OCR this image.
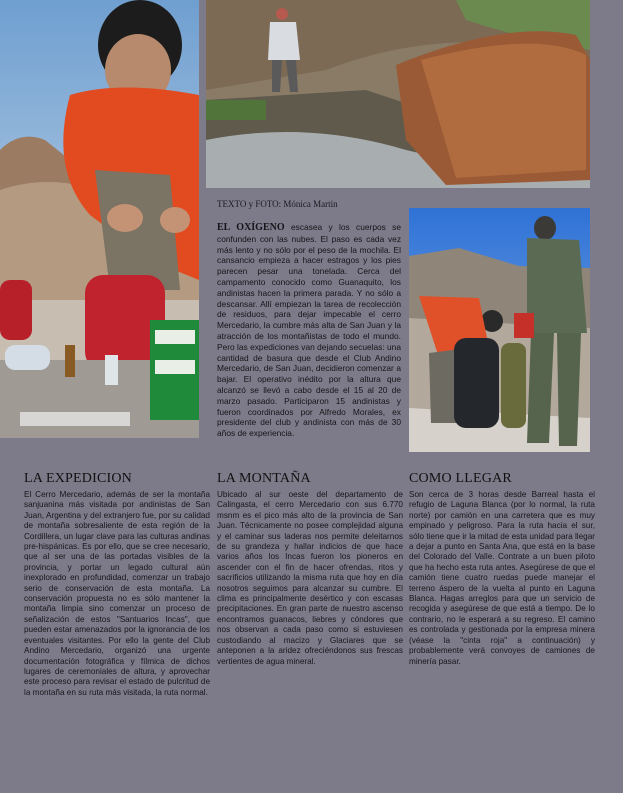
TEXTO y FOTO: Mónica Martin

EL OXÍGENO escasea y los cuerpos se confunden con las nubes. El paso es cada vez más lento y no sólo por el peso de la mochila. El cansancio empieza a hacer estragos y los pies parecen pesar una tonelada. Cerca del campamento conocido como Guanaquito, los andinistas hacen la primera parada. Y no sólo a descansar. Allí empiezan la tarea de recolección de residuos, para dejar impecable el cerro Mercedario, la cumbre más alta de San Juan y la atracción de los montañistas de todo el mundo. Pero las expediciones van dejando secuelas: una cantidad de basura que desde el Club Andino Mercedario, de San Juan, decidieron comenzar a bajar. El operativo inédito por la altura que alcanzó se llevó a cabo desde el 15 al 20 de marzo pasado. Participaron 15 andinistas y fueron coordinados por Alfredo Morales, ex presidente del club y andinista con más de 30 años de experiencia.

LA EXPEDICION

El Cerro Mercedario, además de ser la montaña sanjuanina más visitada por andinistas de San Juan, Argentina y del extranjero fue, por su calidad de montaña sobresaliente de esta región de la Cordillera, un lugar clave para las culturas andinas pre-hispánicas. Es por ello, que se cree necesario, que al ser una de las portadas visibles de la provincia, y portar un legado cultural aún inexplorado en profundidad, comenzar un trabajo serio de conservación de esta montaña. La conservación propuesta no es sólo mantener la montaña limpia sino comenzar un proceso de señalización de estos "Santuarios Incas", que pueden estar amenazados por la ignorancia de los eventuales visitantes. Por ello la gente del Club Andino Mercedario, organizó una urgente documentación fotográfica y fílmica de dichos lugares de ceremoniales de altura, y aprovechar este proceso para revisar el estado de pulcritud de la montaña en su ruta más visitada, la ruta normal.

LA MONTAÑA

Ubicado al sur oeste del departamento de Calingasta, el cerro Mercedario con sus 6.770 msnm es el pico más alto de la provincia de San Juan. Técnicamente no posee complejidad alguna y el caminar sus laderas nos permite deleitarnos de su grandeza y hallar indicios de que hace varios años los Incas fueron los pioneros en ascender con el fin de hacer ofrendas, ritos y sacrificios utilizando la misma ruta que hoy en día nosotros seguimos para alcanzar su cumbre. El clima es principalmente desértico y con escasas precipitaciones. En gran parte de nuestro ascenso encontramos guanacos, liebres y cóndores que nos observan a cada paso como si estuviesen custodiando al macizo y Glaciares que se anteponen a la aridez ofreciéndonos sus frescas vertientes de agua mineral.

COMO LLEGAR

Son cerca de 3 horas desde Barreal hasta el refugio de Laguna Blanca (por lo normal, la ruta norte) por camión en una carretera que es muy empinado y peligroso. Para la ruta hacia el sur, sólo tiene que ir la mitad de esta unidad para llegar a dejar a punto en Santa Ana, que está en la base del Colorado del Valle. Contrate a un buen piloto que ha hecho esta ruta antes. Asegúrese de que el camión tiene cuatro ruedas puede manejar el terreno áspero de la vuelta al punto en Laguna Blanca. Hagas arreglos para que un servicio de recogida y asegúrese de que está a tiempo. De lo contrario, no le esperará a su regreso. El camino es controlada y gestionada por la empresa minera (véase la "cinta roja" a continuación) y probablemente verá convoyes de camiones de minería pasar.
